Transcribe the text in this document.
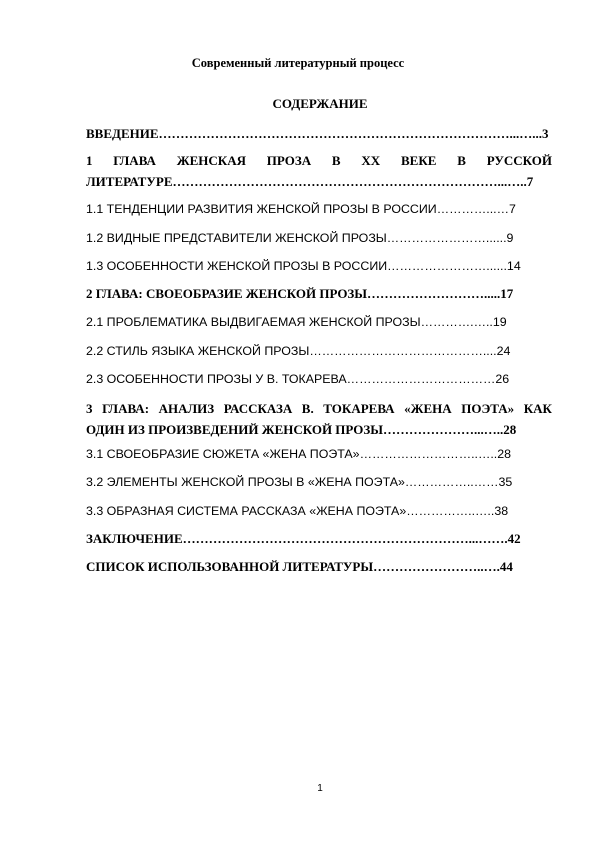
Современный литературный процесс
СОДЕРЖАНИЕ
ВВЕДЕНИЕ………………………………………………………………………...…...3
1 ГЛАВА ЖЕНСКАЯ ПРОЗА В XX ВЕКЕ В РУССКОЙ
ЛИТЕРАТУРЕ…………………………………………………………………...…..7
1.1 ТЕНДЕНЦИИ РАЗВИТИЯ ЖЕНСКОЙ ПРОЗЫ В РОССИИ…………...…7
1.2 ВИДНЫЕ ПРЕДСТАВИТЕЛИ ЖЕНСКОЙ ПРОЗЫ……………………......9
1.3 ОСОБЕННОСТИ ЖЕНСКОЙ ПРОЗЫ В РОССИИ……………………......14
2 ГЛАВА: СВОЕОБРАЗИЕ ЖЕНСКОЙ ПРОЗЫ……………………….....17
2.1 ПРОБЛЕМАТИКА ВЫДВИГАЕМАЯ ЖЕНСКОЙ ПРОЗЫ………….…..19
2.2 СТИЛЬ ЯЗЫКА ЖЕНСКОЙ ПРОЗЫ……………………………………....24
2.3 ОСОБЕННОСТИ ПРОЗЫ У В. ТОКАРЕВА………………………………26
3 ГЛАВА: АНАЛИЗ РАССКАЗА В. ТОКАРЕВА «ЖЕНА ПОЭТА» КАК
ОДИН ИЗ ПРОИЗВЕДЕНИЙ ЖЕНСКОЙ ПРОЗЫ…………………...…..28
3.1 СВОЕОБРАЗИЕ СЮЖЕТА «ЖЕНА ПОЭТА»………………………..…..28
3.2 ЭЛЕМЕНТЫ ЖЕНСКОЙ ПРОЗЫ В «ЖЕНА ПОЭТА»……………..……35
3.3 ОБРАЗНАЯ СИСТЕМА РАССКАЗА «ЖЕНА ПОЭТА»……………..…..38
ЗАКЛЮЧЕНИЕ…………………………………………………………...…….42
СПИСОК ИСПОЛЬЗОВАННОЙ ЛИТЕРАТУРЫ……………………..….44
1
